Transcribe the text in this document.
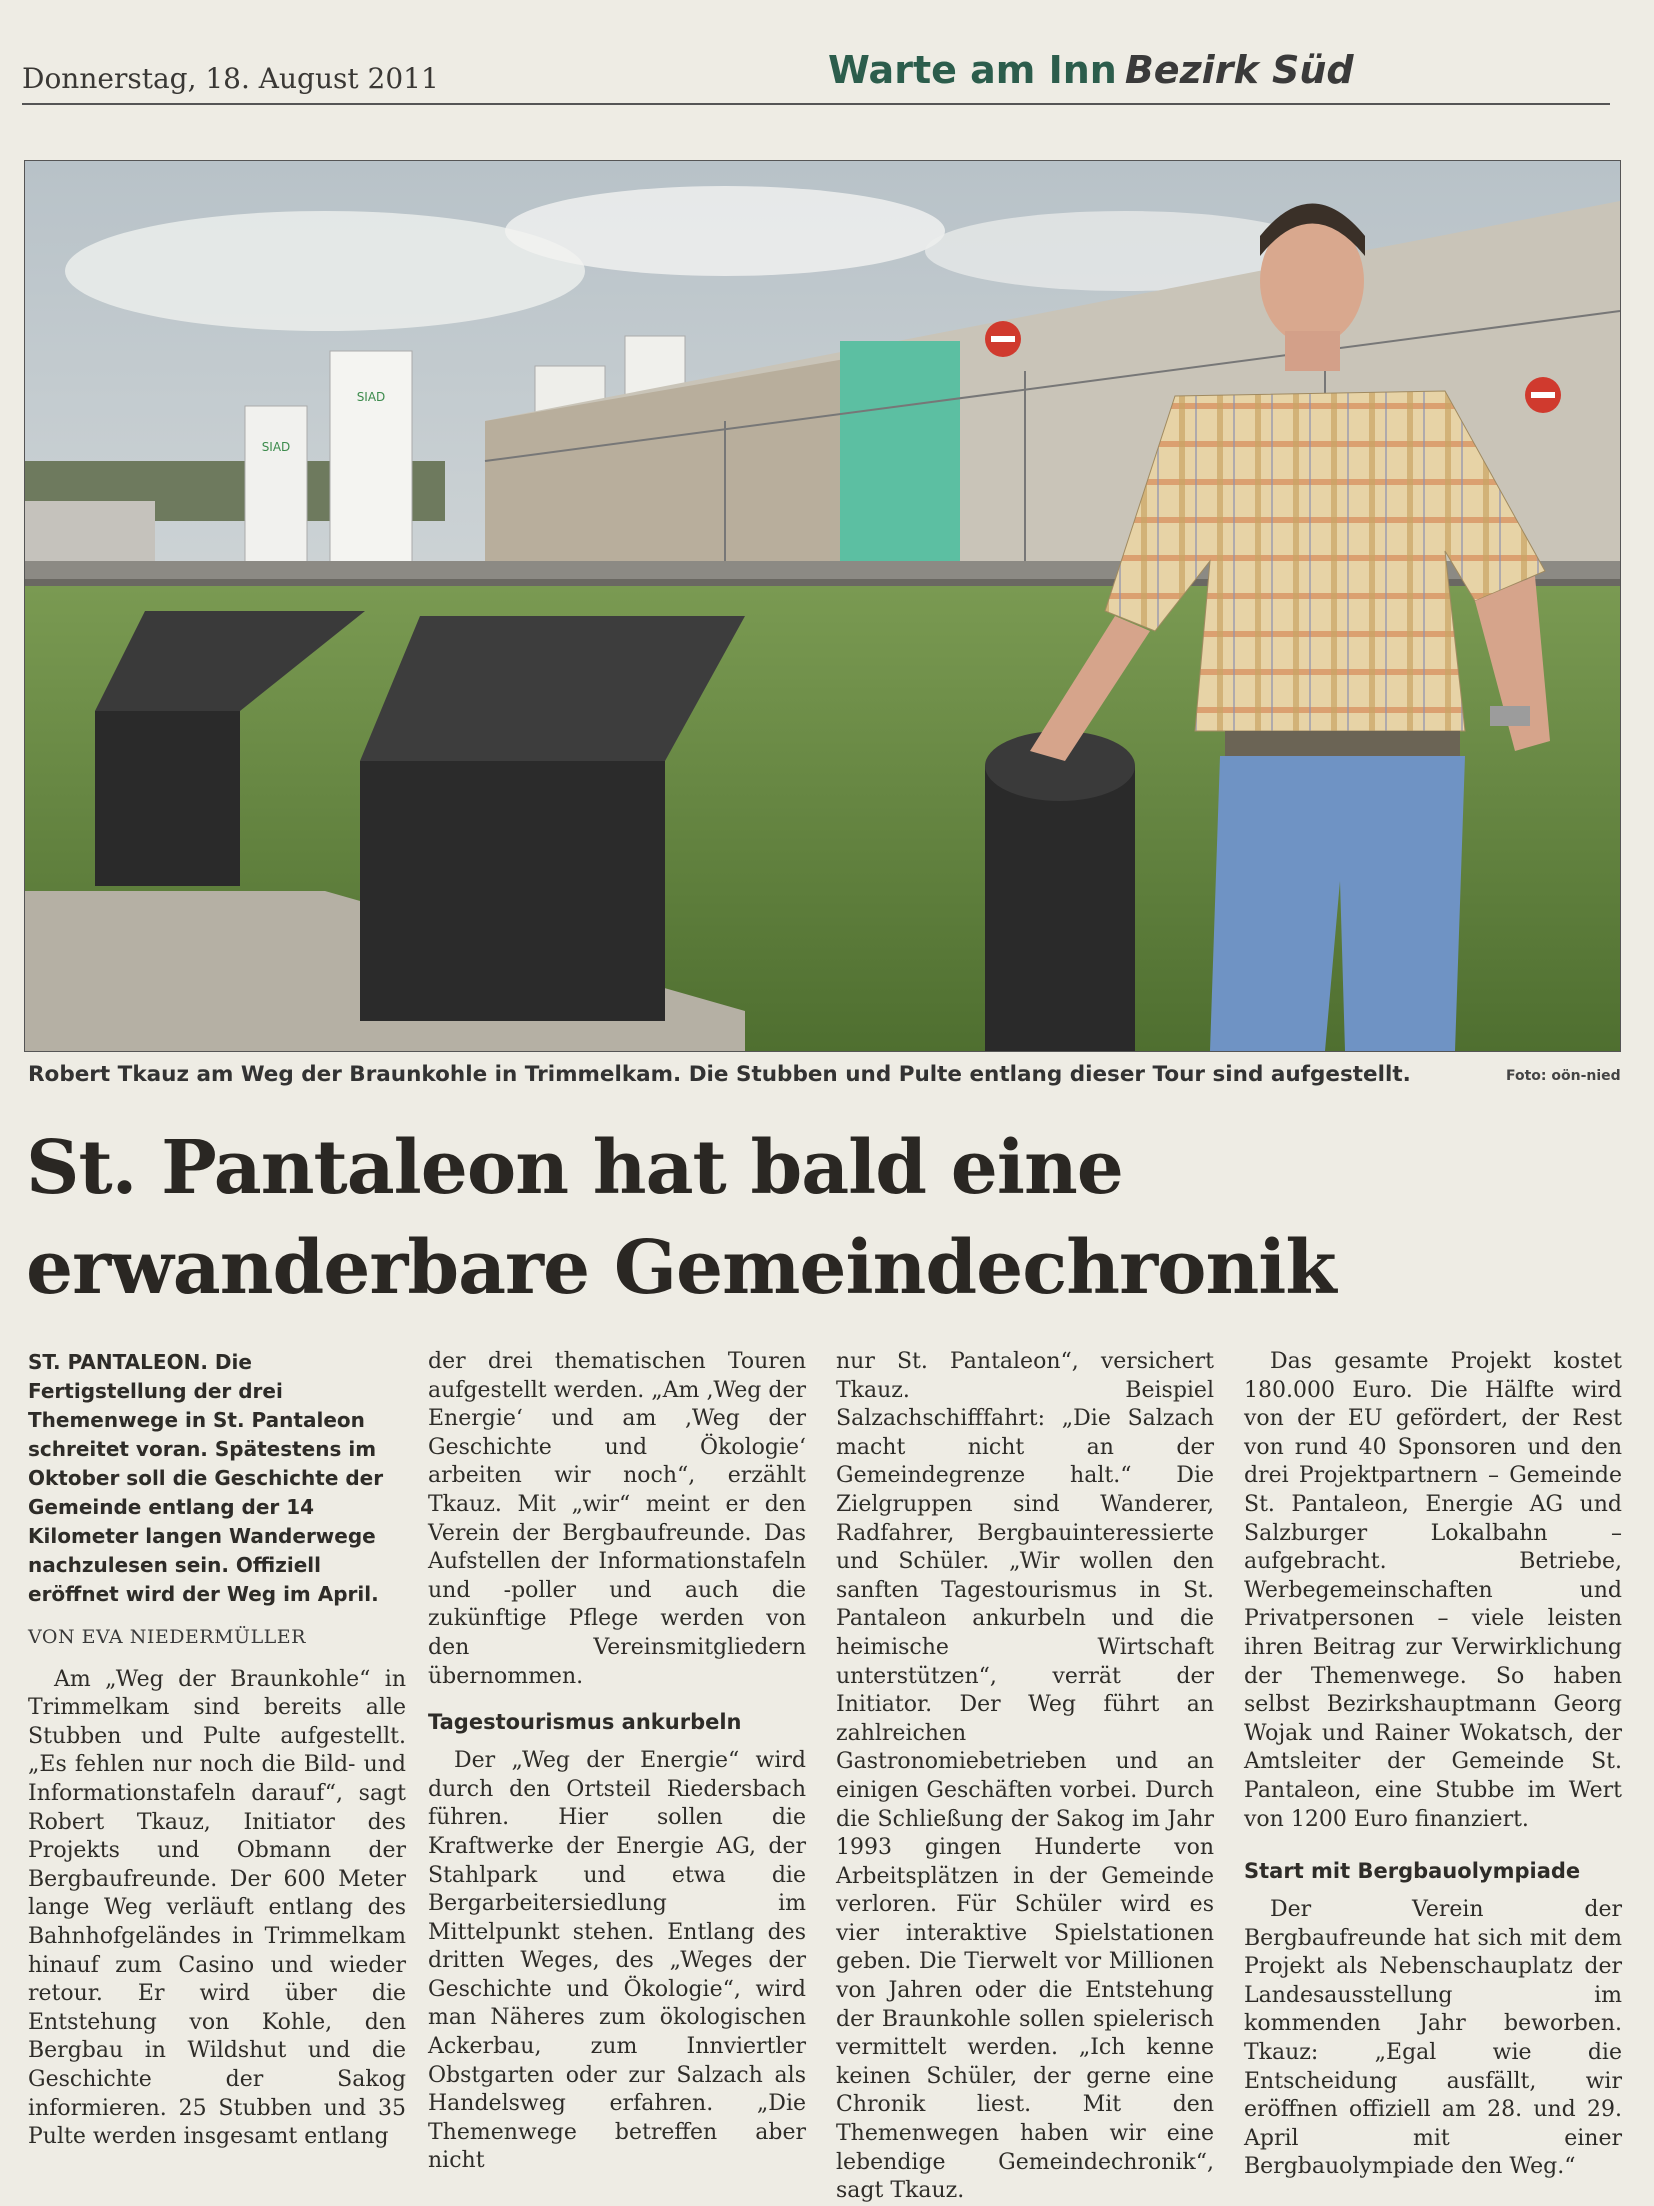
Donnerstag, 18. August 2011	Warte am Inn Bezirk Süd
SIAD
SIAD
Robert Tkauz am Weg der Braunkohle in Trimmelkam. Die Stubben und Pulte entlang dieser Tour sind aufgestellt.	Foto: oön-nied
St. Pantaleon hat bald eine
erwanderbare Gemeindechronik
ST. PANTALEON. Die Fertigstellung der drei Themenwege in St. Pantaleon schreitet voran. Spätestens im Oktober soll die Geschichte der Gemeinde entlang der 14 Kilometer langen Wanderwege nachzulesen sein. Offiziell eröffnet wird der Weg im April.
VON EVA NIEDERMÜLLER

Am „Weg der Braunkohle“ in Trimmelkam sind bereits alle Stubben und Pulte aufgestellt. „Es fehlen nur noch die Bild- und Informationstafeln darauf“, sagt Robert Tkauz, Initiator des Projekts und Obmann der Bergbaufreunde. Der 600 Meter lange Weg verläuft entlang des Bahnhofgeländes in Trimmelkam hinauf zum Casino und wieder retour. Er wird über die Entstehung von Kohle, den Bergbau in Wildshut und die Geschichte der Sakog informieren. 25 Stubben und 35 Pulte werden insgesamt entlang

der drei thematischen Touren aufgestellt werden. „Am ‚Weg der Energie‘ und am ‚Weg der Geschichte und Ökologie‘ arbeiten wir noch“, erzählt Tkauz. Mit „wir“ meint er den Verein der Bergbaufreunde. Das Aufstellen der Informationstafeln und -poller und auch die zukünftige Pflege werden von den Vereinsmitgliedern übernommen.

Tagestourismus ankurbeln

Der „Weg der Energie“ wird durch den Ortsteil Riedersbach führen. Hier sollen die Kraftwerke der Energie AG, der Stahlpark und etwa die Bergarbeitersiedlung im Mittelpunkt stehen. Entlang des dritten Weges, des „Weges der Geschichte und Ökologie“, wird man Näheres zum ökologischen Ackerbau, zum Innviertler Obstgarten oder zur Salzach als Handelsweg erfahren. „Die Themenwege betreffen aber nicht

nur St. Pantaleon“, versichert Tkauz. Beispiel Salzachschifffahrt: „Die Salzach macht nicht an der Gemeindegrenze halt.“ Die Zielgruppen sind Wanderer, Radfahrer, Bergbauinteressierte und Schüler. „Wir wollen den sanften Tagestourismus in St. Pantaleon ankurbeln und die heimische Wirtschaft unterstützen“, verrät der Initiator. Der Weg führt an zahlreichen Gastronomiebetrieben und an einigen Geschäften vorbei. Durch die Schließung der Sakog im Jahr 1993 gingen Hunderte von Arbeitsplätzen in der Gemeinde verloren. Für Schüler wird es vier interaktive Spielstationen geben. Die Tierwelt vor Millionen von Jahren oder die Entstehung der Braunkohle sollen spielerisch vermittelt werden. „Ich kenne keinen Schüler, der gerne eine Chronik liest. Mit den Themenwegen haben wir eine lebendige Gemeindechronik“, sagt Tkauz.

Das gesamte Projekt kostet 180.000 Euro. Die Hälfte wird von der EU gefördert, der Rest von rund 40 Sponsoren und den drei Projektpartnern – Gemeinde St. Pantaleon, Energie AG und Salzburger Lokalbahn – aufgebracht. Betriebe, Werbegemeinschaften und Privatpersonen – viele leisten ihren Beitrag zur Verwirklichung der Themenwege. So haben selbst Bezirkshauptmann Georg Wojak und Rainer Wokatsch, der Amtsleiter der Gemeinde St. Pantaleon, eine Stubbe im Wert von 1200 Euro finanziert.

Start mit Bergbauolympiade

Der Verein der Bergbaufreunde hat sich mit dem Projekt als Nebenschauplatz der Landesausstellung im kommenden Jahr beworben. Tkauz: „Egal wie die Entscheidung ausfällt, wir eröffnen offiziell am 28. und 29. April mit einer Bergbauolympiade den Weg.“
